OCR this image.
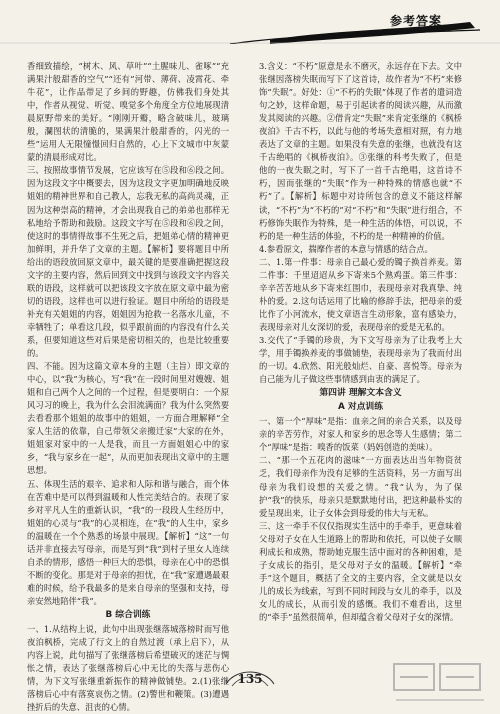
参考答案

香细致描绘，“树木、风、草叶”“土腥味儿、雀啄”“充满果汁般甜香的空气”“还有”河带、薄荷、凌霄花、牵牛花”，让作品带足了乡间的野趣，仿佛我们身处其中，作者从视觉、听觉、嗅觉多个角度全方位地展现清晨原野带来的美好。“刚刚开瓣，略含破味儿，玻璃般，瀾图状的清脆的，果满果汁般甜香的，闪光的一些”运用人无限憧憬回归自然的，心上下文城市中灰蒙蒙的清晨形成对比。

三、按照故事情节发展，它应该写在⑤段和⑥段之间。因为这段文字中概要去，因为这段文字更加明确地反映姐姐的精神世界和自己教人，忘我无私的高尚灵魂，正因为这种崇高的精神，才会出现我自己的弟弟也那样无私地给予帮助和鼓励。这段文字写在⑤段和⑥段之间，使这时的事情得故事不生死之后，把姐弟心情的精神更加鲜明，并升华了文章的主题。【解析】要将题目中所给出的语段放回原文章中，最关键的是要准确把握这段文字的主要内容，然后回到文中找到与该段文字内容关联的语段，这样就可以把该段文字放在原文章中最为密切的语段，这样也可以进行验证。题目中所给的语段是补充有关姐姐的内容，姐姐因为抢救一名落水儿童，不幸牺牲了；单看这几段，似乎跟前面的内容没有什么关系，但要知道这些对后果是密切相关的，也是比较重要的。

四、不能。因为这篇文章本身的主题（主旨）即文章的中心，以“我”为核心，写“我”在一段时间里对嫂嫂、姐姐和自己两个人之间的一个过程，但是要明白：一个原风习习的晚上，我为什么会泪流满面？我为什么突然要去看看那个姐姐的故事中的姐姐，一方面合理解释“全家人生活的依靠，自己带领父亲搬迁家”大家的在外，姐姐家对家中的一人是我，而且一方面姐姐心中的家乡，“我与家乡在一起”，从而更加表现出文章中的主题思想。

五、体现生活的艰辛、追求和人际和谐与融合，而个体在苦难中是可以得到温暖和人性完美结合的。表现了家乡对平凡人生的重新认识，“我”的一段段人生经历中，姐姐的心灵与“我”的心灵相连，在“我”的人生中，家乡的温暖在一个个熟悉的场景中展现。【解析】“这”一句话并非直接去写母亲，而是写到“我”到村子里女人连续自杀的情形，感悟一种巨大的恐惧，母亲在心中的恐惧不断的变化。那是对于母亲的担忧，在“我”家遭遇最艰难的时候，给予我最多的是来自母亲的坚强和支持，母亲安然地陪伴“我”。

B 综合训练

一、1.从结构上说，此句中出现张继落城落榜时而写他夜泊枫桥，完成了行文上的自然过渡（承上启下），从内容上说，此句描写了张继落榜后希望破灭的迷茫与惆怅之情，表达了张继落榜后心中无比的失落与悲伤心情，为下文写张继重新振作的精神做铺垫。2.(1)张继落榜后心中有落寞哀伤之情。(2)警世和鞭策。(3)遭遇挫折后的失意、沮丧的心情。

3.含义：“不朽”原意是永不磨灭，永远存在下去。文中张继因落榜失眠而写下了这首诗，故作者为“不朽”来修饰“失眠”。好处：①“不朽的失眠”体现了作者的遣词造句之妙，这样命题，易于引起读者的阅读兴趣，从而激发其阅读的兴趣。②借肯定“失眠”来肯定张继的《枫桥夜泊》千古不朽，以此与他的考场失意相对照，有力地表达了文章的主题。如果没有失意的张继，也就没有这千古绝唱的《枫桥夜泊》。③张继的科考失败了，但是他的一夜失眠之时，写下了一首千古绝唱，这首诗不朽，因而张继的“失眠”作为一种特殊的情感也就“不朽”了。【解析】标题中对诗所包含的意义不能这样解读，“不朽”为“不朽的”对“不朽”和“失眠”进行组合，不朽修饰失眠作为特殊，是一种生活的体悟，可以说，不朽的是一种生活的体验，不朽的是一种精神的价值。

4.参看原文，揣摩作者的本意与情感的结合点。

二、1.第一件事：母亲自己最心爱的镯子换首养麦。第二件事：千里迢迢从乡下寄来5个熟鸡蛋。第三件事：辛辛苦苦地从乡下寄来红围巾，表现母亲对我真挚、纯朴的爱。2.这句话运用了比喻的修辞手法，把母亲的爱比作了小河流水，使文章语言生动形象，富有感染力，表现母亲对儿女深切的爱，表现母亲的爱是无私的。

3.交代了“手镯的珍贵，为下文写母亲为了让我考上大学，用手镯换养麦的事做铺垫，表现母亲为了我而付出的一切。4.欣然、阳光般灿烂、自豪、喜悦等。母亲为自己能为儿子做这些事情感到由衷的满足了。

第四讲 理解文本含义
A 对点训练

一、第一个“厚味”是指：血亲之间的亲合关系，以及母亲的辛苦劳作，对家人和家乡的思念等人生感情；第二个“厚味”是指：嗅香的饭菜（妈妈创造的美味）。

二、“那一个五花肉的滋味”一方面表达出当年物资贫乏，我们母亲作为没有足够的生活资料，另一方面写出母亲为我们设想的关爱之情。“我”认为，为了保护“我”的快乐，母亲只是默默地付出，把这种最朴实的爱呈现出来，让子女体会到母爱的伟大与无私。

三、这一牵手不仅仅指现实生活中的手牵手，更意味着父母对子女在人生道路上的帮助和依托，可以使子女顺利成长和成熟，帮助她克服生活中面对的各种困难，是子女成长的指引，是父母对子女的温暖。【解析】“牵手”这个题目，概括了全文的主要内容，全文就是以女儿的成长为线索，写到不同时间段与女儿的牵手，以及女儿的成长，从而引发的感慨。我们不难看出，这里的“牵手”虽然很简单，但却蕴含着父母对子女的深情。

135
